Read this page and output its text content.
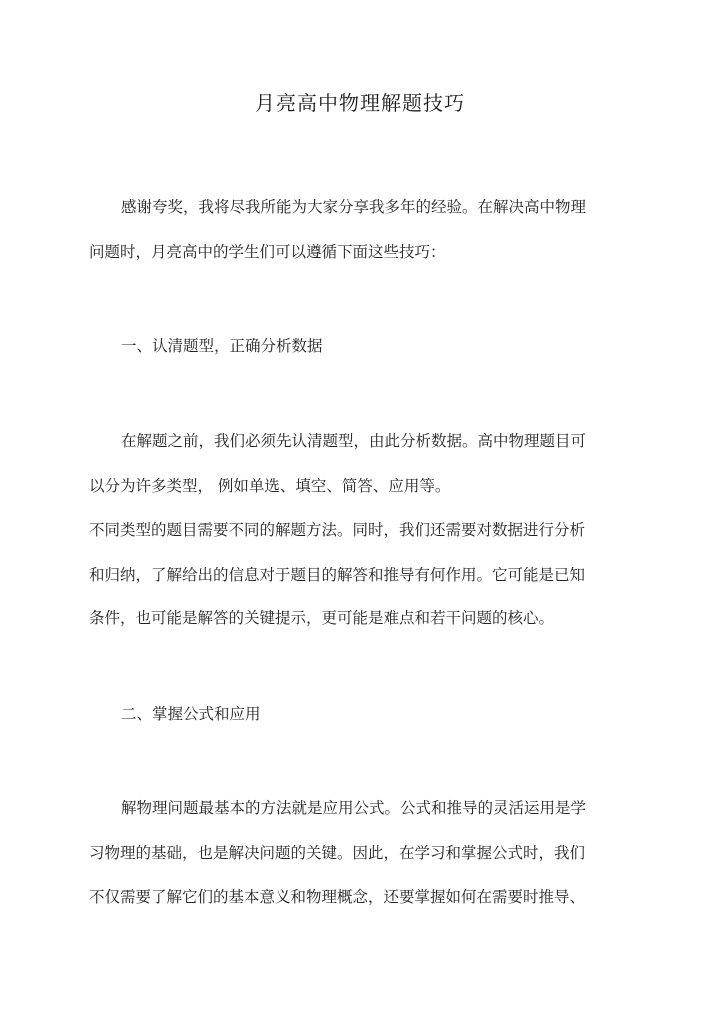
月亮高中物理解题技巧
感谢夸奖，我将尽我所能为大家分享我多年的经验。在解决高中物理
问题时，月亮高中的学生们可以遵循下面这些技巧：
一、认清题型，正确分析数据
在解题之前，我们必须先认清题型，由此分析数据。高中物理题目可
以分为许多类型， 例如单选、填空、简答、应用等。
不同类型的题目需要不同的解题方法。同时，我们还需要对数据进行分析
和归纳，了解给出的信息对于题目的解答和推导有何作用。它可能是已知
条件，也可能是解答的关键提示，更可能是难点和若干问题的核心。
二、掌握公式和应用
解物理问题最基本的方法就是应用公式。公式和推导的灵活运用是学
习物理的基础，也是解决问题的关键。因此，在学习和掌握公式时，我们
不仅需要了解它们的基本意义和物理概念，还要掌握如何在需要时推导、
